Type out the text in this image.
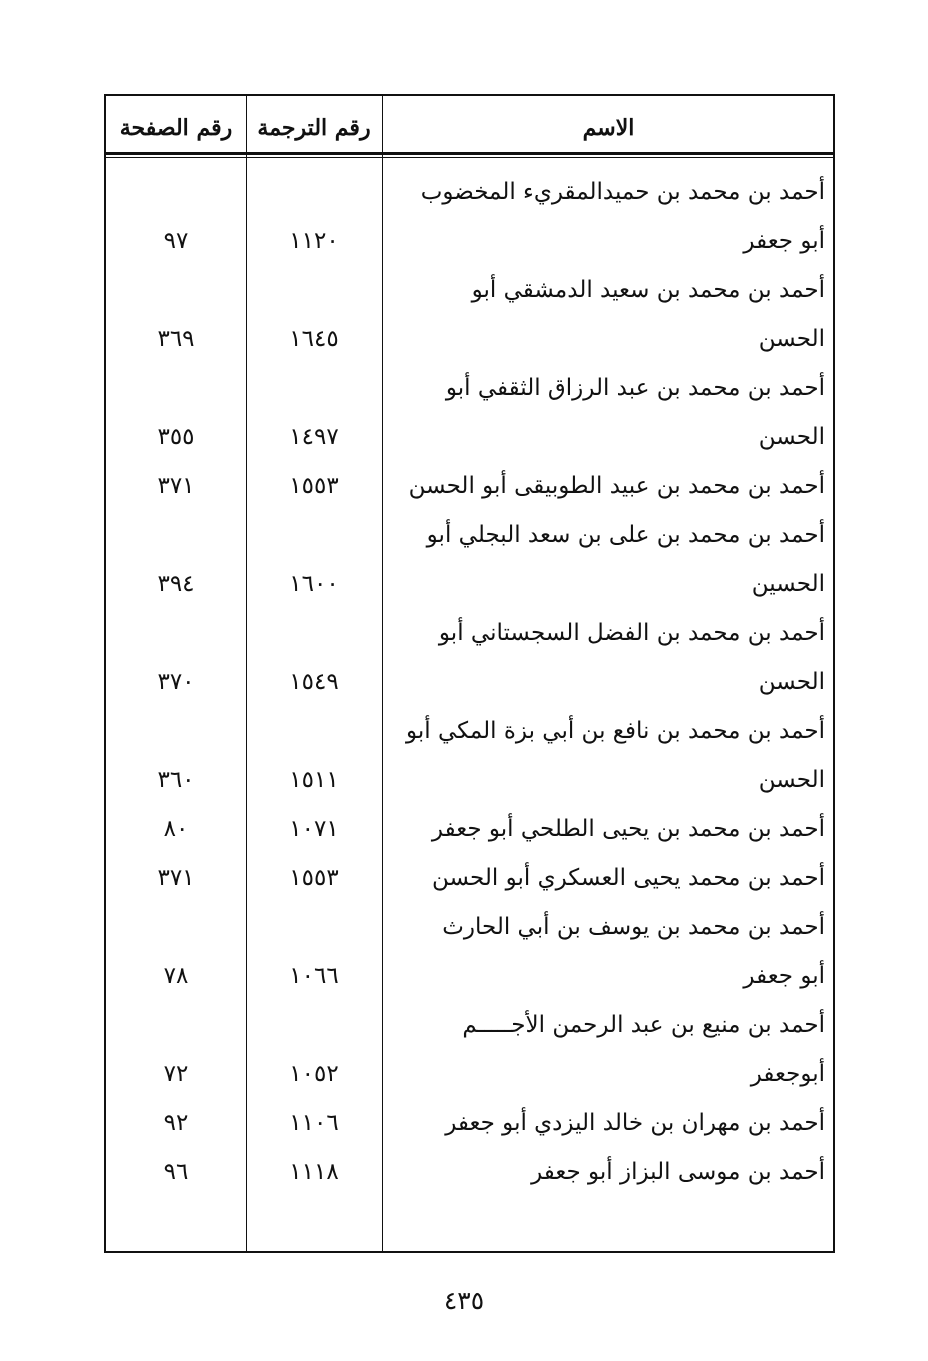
رقم الصفحة	رقم الترجمة	الاسم
أحمد بن محمد بن حميدالمقريء المخضوب
أبو جعفر
١١٢٠
٩٧
أحمد بن محمد بن سعيد الدمشقي أبو
الحسن
١٦٤٥
٣٦٩
أحمد بن محمد بن عبد الرزاق الثقفي أبو
الحسن
١٤٩٧
٣٥٥
أحمد بن محمد بن عبيد الطوبيقى أبو الحسن
١٥٥٣
٣٧١
أحمد بن محمد بن على بن سعد البجلي أبو
الحسين
١٦٠٠
٣٩٤
أحمد بن محمد بن الفضل السجستاني أبو
الحسن
١٥٤٩
٣٧٠
أحمد بن محمد بن نافع بن أبي بزة المكي أبو
الحسن
١٥١١
٣٦٠
أحمد بن محمد بن يحيى الطلحي أبو جعفر
١٠٧١
٨٠
أحمد بن محمد يحيى العسكري أبو الحسن
١٥٥٣
٣٧١
أحمد بن محمد بن يوسف بن أبي الحارث
أبو جعفر
١٠٦٦
٧٨
أحمد بن منيع بن عبد الرحمن الأجـــــم
أبوجعفر
١٠٥٢
٧٢
أحمد بن مهران بن خالد اليزدي أبو جعفر
١١٠٦
٩٢
أحمد بن موسى البزاز أبو جعفر
١١١٨
٩٦
٤٣٥
